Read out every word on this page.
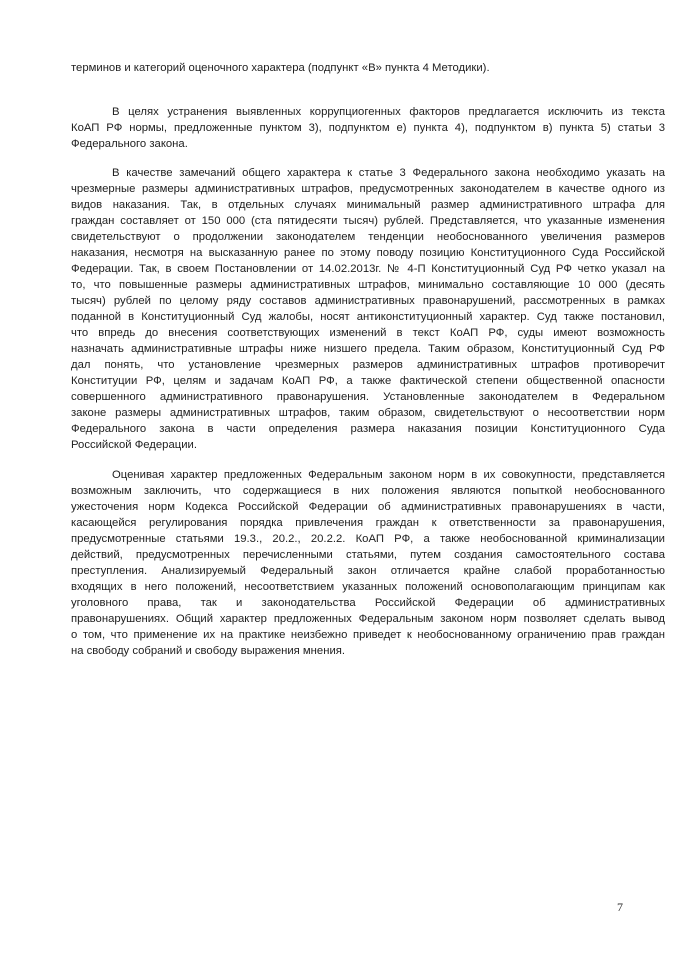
терминов и категорий оценочного характера (подпункт «В» пункта 4 Методики).
В целях устранения выявленных коррупциогенных факторов предлагается исключить из текста
КоАП РФ нормы, предложенные пунктом 3), подпунктом е) пункта 4), подпунктом в) пункта 5) статьи 3
Федерального закона.
В качестве замечаний общего характера к статье 3 Федерального закона необходимо указать на
чрезмерные размеры административных штрафов, предусмотренных законодателем в качестве одного из
видов наказания. Так, в отдельных случаях минимальный размер административного штрафа для
граждан составляет от 150 000 (ста пятидесяти тысяч) рублей. Представляется, что указанные изменения
свидетельствуют о продолжении законодателем тенденции необоснованного увеличения размеров
наказания, несмотря на высказанную ранее по этому поводу позицию Конституционного Суда Российской
Федерации. Так, в своем Постановлении от 14.02.2013г. № 4-П Конституционный Суд РФ четко указал на
то, что повышенные размеры административных штрафов, минимально составляющие 10 000 (десять
тысяч) рублей по целому ряду составов административных правонарушений, рассмотренных в рамках
поданной в Конституционный Суд жалобы, носят антиконституционный характер. Суд также постановил,
что впредь до внесения соответствующих изменений в текст КоАП РФ, суды имеют возможность
назначать административные штрафы ниже низшего предела. Таким образом, Конституционный Суд РФ
дал понять, что установление чрезмерных размеров административных штрафов противоречит
Конституции РФ, целям и задачам КоАП РФ, а также фактической степени общественной опасности
совершенного административного правонарушения. Установленные законодателем в Федеральном
законе размеры административных штрафов, таким образом, свидетельствуют о несоответствии норм
Федерального закона в части определения размера наказания позиции Конституционного Суда
Российской Федерации.
Оценивая характер предложенных Федеральным законом норм в их совокупности, представляется
возможным заключить, что содержащиеся в них положения являются попыткой необоснованного
ужесточения норм Кодекса Российской Федерации об административных правонарушениях в части,
касающейся регулирования порядка привлечения граждан к ответственности за правонарушения,
предусмотренные статьями 19.3., 20.2., 20.2.2. КоАП РФ, а также необоснованной криминализации
действий, предусмотренных перечисленными статьями, путем создания самостоятельного состава
преступления. Анализируемый Федеральный закон отличается крайне слабой проработанностью
входящих в него положений, несоответствием указанных положений основополагающим принципам как
уголовного права, так и законодательства Российской Федерации об административных
правонарушениях. Общий характер предложенных Федеральным законом норм позволяет сделать вывод
о том, что применение их на практике неизбежно приведет к необоснованному ограничению прав граждан
на свободу собраний и свободу выражения мнения.
7
